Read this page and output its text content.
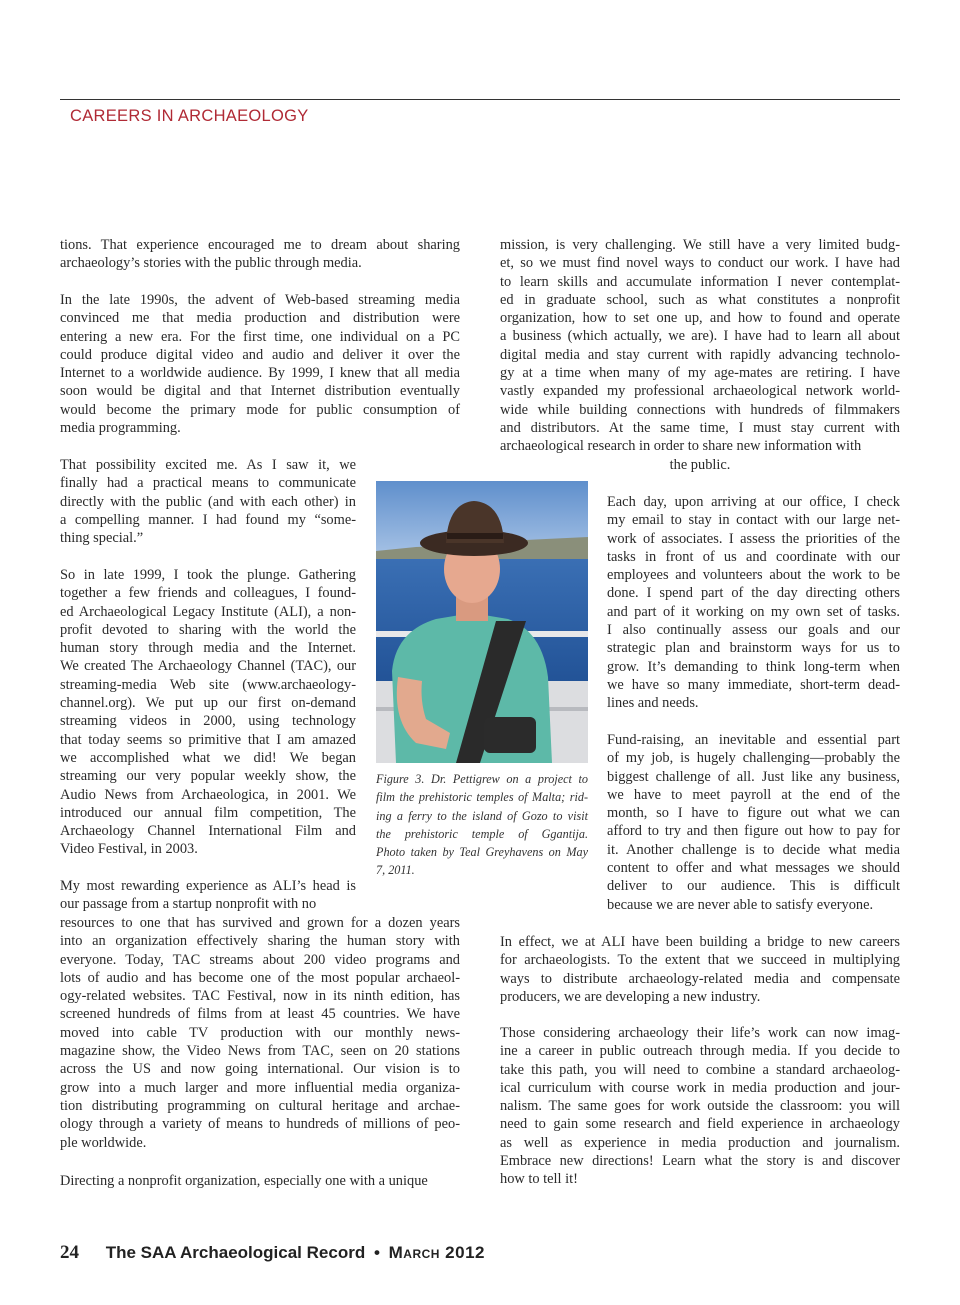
CAREERS IN ARCHAEOLOGY
tions. That experience encouraged me to dream about sharing
archaeology’s stories with the public through media.
In the late 1990s, the advent of Web-based streaming media
convinced me that media production and distribution were
entering a new era. For the first time, one individual on a PC
could produce digital video and audio and deliver it over the
Internet to a worldwide audience. By 1999, I knew that all media
soon would be digital and that Internet distribution eventually
would become the primary mode for public consumption of
media programming.
That possibility excited me. As I saw it, we
finally had a practical means to communicate
directly with the public (and with each other) in
a compelling manner. I had found my “some-
thing special.”
So in late 1999, I took the plunge. Gathering
together a few friends and colleagues, I found-
ed Archaeological Legacy Institute (ALI), a non-
profit devoted to sharing with the world the
human story through media and the Internet.
We created The Archaeology Channel (TAC), our
streaming-media Web site (www.archaeology-
channel.org). We put up our first on-demand
streaming videos in 2000, using technology
that today seems so primitive that I am amazed
we accomplished what we did! We began
streaming our very popular weekly show, the
Audio News from Archaeologica, in 2001. We
introduced our annual film competition, The
Archaeology Channel International Film and
Video Festival, in 2003.
My most rewarding experience as ALI’s head is
our passage from a startup nonprofit with no
resources to one that has survived and grown for a dozen years
into an organization effectively sharing the human story with
everyone. Today, TAC streams about 200 video programs and
lots of audio and has become one of the most popular archaeol-
ogy-related websites. TAC Festival, now in its ninth edition, has
screened hundreds of films from at least 45 countries. We have
moved into cable TV production with our monthly news-
magazine show, the Video News from TAC, seen on 20 stations
across the US and now going international. Our vision is to
grow into a much larger and more influential media organiza-
tion distributing programming on cultural heritage and archae-
ology through a variety of means to hundreds of millions of peo-
ple worldwide.
Directing a nonprofit organization, especially one with a unique
Figure 3. Dr. Pettigrew on a project to
film the prehistoric temples of Malta; rid-
ing a ferry to the island of Gozo to visit
the prehistoric temple of Ggantija.
Photo taken by Teal Greyhavens on May
7, 2011.
mission, is very challenging. We still have a very limited budg-
et, so we must find novel ways to conduct our work. I have had
to learn skills and accumulate information I never contemplat-
ed in graduate school, such as what constitutes a nonprofit
organization, how to set one up, and how to found and operate
a business (which actually, we are). I have had to learn all about
digital media and stay current with rapidly advancing technolo-
gy at a time when many of my age-mates are retiring. I have
vastly expanded my professional archaeological network world-
wide while building connections with hundreds of filmmakers
and distributors. At the same time, I must stay current with
archaeological research in order to share new information with
the public.
Each day, upon arriving at our office, I check
my email to stay in contact with our large net-
work of associates. I assess the priorities of the
tasks in front of us and coordinate with our
employees and volunteers about the work to be
done. I spend part of the day directing others
and part of it working on my own set of tasks.
I also continually assess our goals and our
strategic plan and brainstorm ways for us to
grow. It’s demanding to think long-term when
we have so many immediate, short-term dead-
lines and needs.
Fund-raising, an inevitable and essential part
of my job, is hugely challenging—probably the
biggest challenge of all. Just like any business,
we have to meet payroll at the end of the
month, so I have to figure out what we can
afford to try and then figure out how to pay for
it. Another challenge is to decide what media
content to offer and what messages we should
deliver to our audience. This is difficult
because we are never able to satisfy everyone.
In effect, we at ALI have been building a bridge to new careers
for archaeologists. To the extent that we succeed in multiplying
ways to distribute archaeology-related media and compensate
producers, we are developing a new industry.
Those considering archaeology their life’s work can now imag-
ine a career in public outreach through media. If you decide to
take this path, you will need to combine a standard archaeolog-
ical curriculum with course work in media production and jour-
nalism. The same goes for work outside the classroom: you will
need to gain some research and field experience in archaeology
as well as experience in media production and journalism.
Embrace new directions! Learn what the story is and discover
how to tell it!
24 The SAA Archaeological Record • March 2012
